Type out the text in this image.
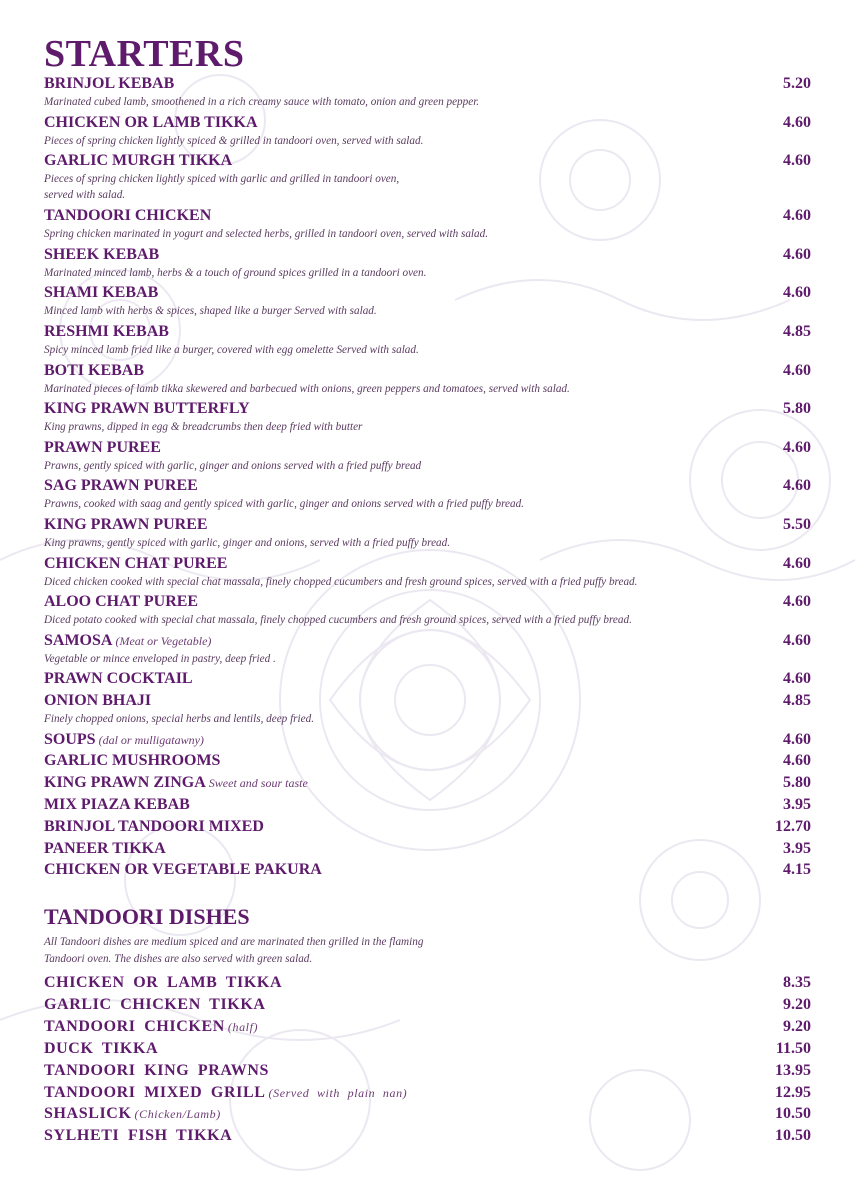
STARTERS
BRINJOL KEBAB	5.20
Marinated cubed lamb, smoothened in a rich creamy sauce with tomato, onion and green pepper.
CHICKEN OR LAMB TIKKA	4.60
Pieces of spring chicken lightly spiced & grilled in tandoori oven, served with salad.
GARLIC MURGH TIKKA	4.60
Pieces of spring chicken lightly spiced with garlic and grilled in tandoori oven,
served with salad.
TANDOORI CHICKEN	4.60
Spring chicken marinated in yogurt and selected herbs, grilled in tandoori oven, served with salad.
SHEEK KEBAB	4.60
Marinated minced lamb, herbs & a touch of ground spices grilled in a tandoori oven.
SHAMI KEBAB	4.60
Minced lamb with herbs & spices, shaped like a burger Served with salad.
RESHMI KEBAB	4.85
Spicy minced lamb fried like a burger, covered with egg omelette Served with salad.
BOTI KEBAB	4.60
Marinated pieces of lamb tikka skewered and barbecued with onions, green peppers and tomatoes, served with salad.
KING PRAWN BUTTERFLY	5.80
King prawns, dipped in egg & breadcrumbs then deep fried with butter
PRAWN PUREE	4.60
Prawns, gently spiced with garlic, ginger and onions served with a fried puffy bread
SAG PRAWN PUREE	4.60
Prawns, cooked with saag and gently spiced with garlic, ginger and onions served with a fried puffy bread.
KING PRAWN PUREE	5.50
King prawns, gently spiced with garlic, ginger and onions, served with a fried puffy bread.
CHICKEN CHAT PUREE	4.60
Diced chicken cooked with special chat massala, finely chopped cucumbers and fresh ground spices, served with a fried puffy bread.
ALOO CHAT PUREE	4.60
Diced potato cooked with special chat massala, finely chopped cucumbers and fresh ground spices, served with a fried puffy bread.
SAMOSA (Meat or Vegetable)	4.60
Vegetable or mince enveloped in pastry, deep fried .
PRAWN COCKTAIL	4.60
ONION BHAJI	4.85
Finely chopped onions, special herbs and lentils, deep fried.
SOUPS (dal or mulligatawny)	4.60
GARLIC MUSHROOMS	4.60
KING PRAWN ZINGA Sweet and sour taste	5.80
MIX PIAZA KEBAB	3.95
BRINJOL TANDOORI MIXED	12.70
PANEER TIKKA	3.95
CHICKEN OR VEGETABLE PAKURA	4.15
TANDOORI DISHES
All Tandoori dishes are medium spiced and are marinated then grilled in the flaming
Tandoori oven. The dishes are also served with green salad.
CHICKEN OR LAMB TIKKA	8.35
GARLIC CHICKEN TIKKA	9.20
TANDOORI CHICKEN (half)	9.20
DUCK TIKKA	11.50
TANDOORI KING PRAWNS	13.95
TANDOORI MIXED GRILL (Served with plain nan)	12.95
SHASLICK (Chicken/Lamb)	10.50
SYLHETI FISH TIKKA	10.50
